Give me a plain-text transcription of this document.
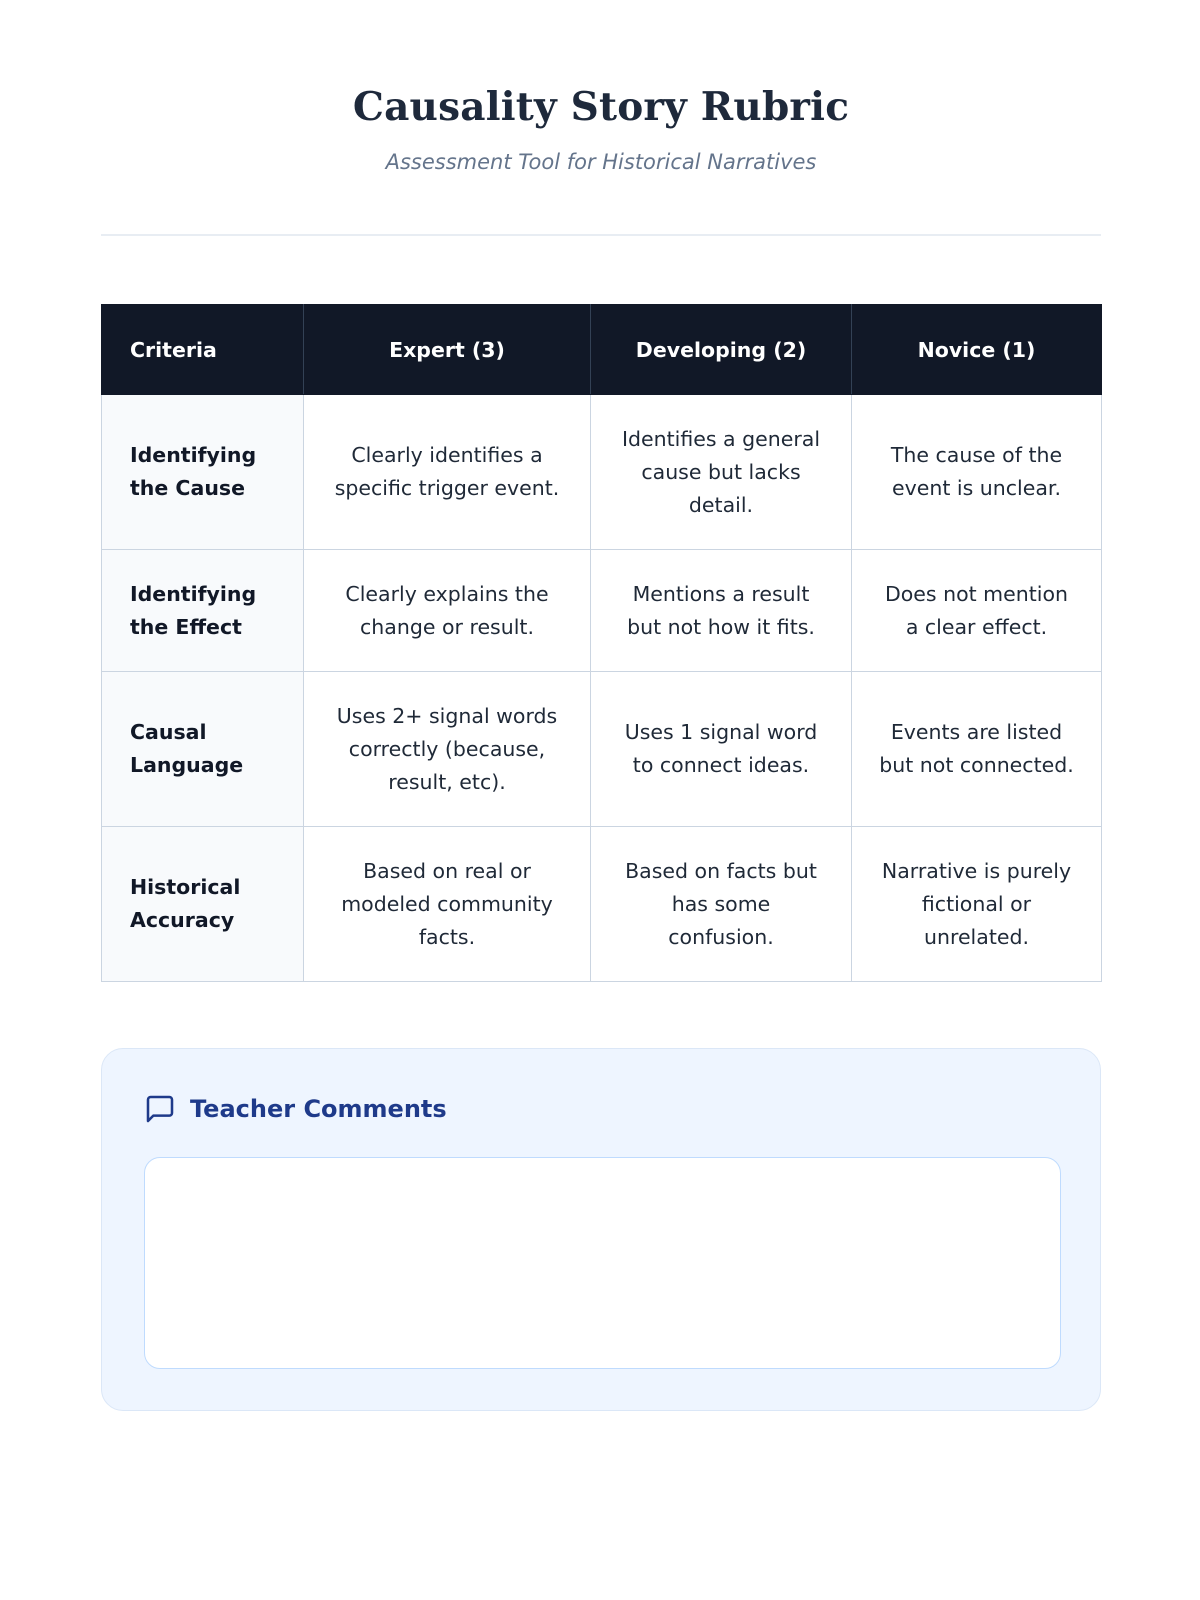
Causality Story Rubric
Assessment Tool for Historical Narratives
Criteria	Expert (3)	Developing (2)	Novice (1)
Identifying the Cause	Clearly identifies a specific trigger event.	Identifies a general cause but lacks detail.	The cause of the event is unclear.
Identifying the Effect	Clearly explains the change or result.	Mentions a result but not how it fits.	Does not mention a clear effect.
Causal Language	Uses 2+ signal words correctly (because, result, etc).	Uses 1 signal word to connect ideas.	Events are listed but not connected.
Historical Accuracy	Based on real or modeled community facts.	Based on facts but has some confusion.	Narrative is purely fictional or unrelated.
Teacher Comments
